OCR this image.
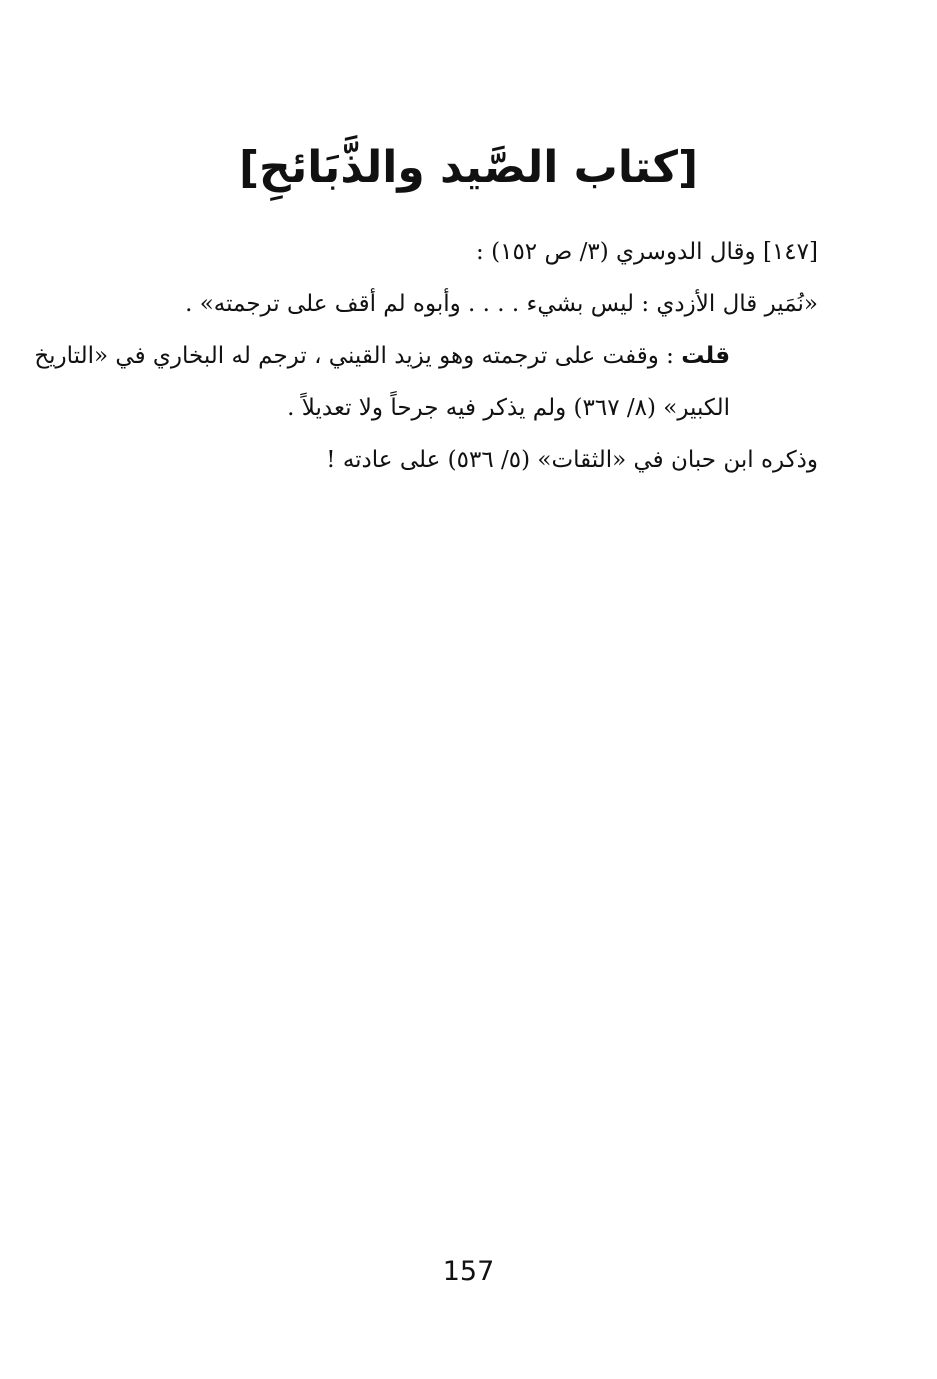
[كتاب الصَّيد والذَّبَائحِ]

[١٤٧] وقال الدوسري (٣/ ص ١٥٢) :

«نُمَير قال الأزدي : ليس بشيء . . . . وأبوه لم أقف على ترجمته» .

قلت : وقفت على ترجمته وهو يزيد القيني ، ترجم له البخاري في «التاريخ
الكبير» (٨/ ٣٦٧) ولم يذكر فيه جرحاً ولا تعديلاً .

وذكره ابن حبان في «الثقات» (٥/ ٥٣٦) على عادته !

157
